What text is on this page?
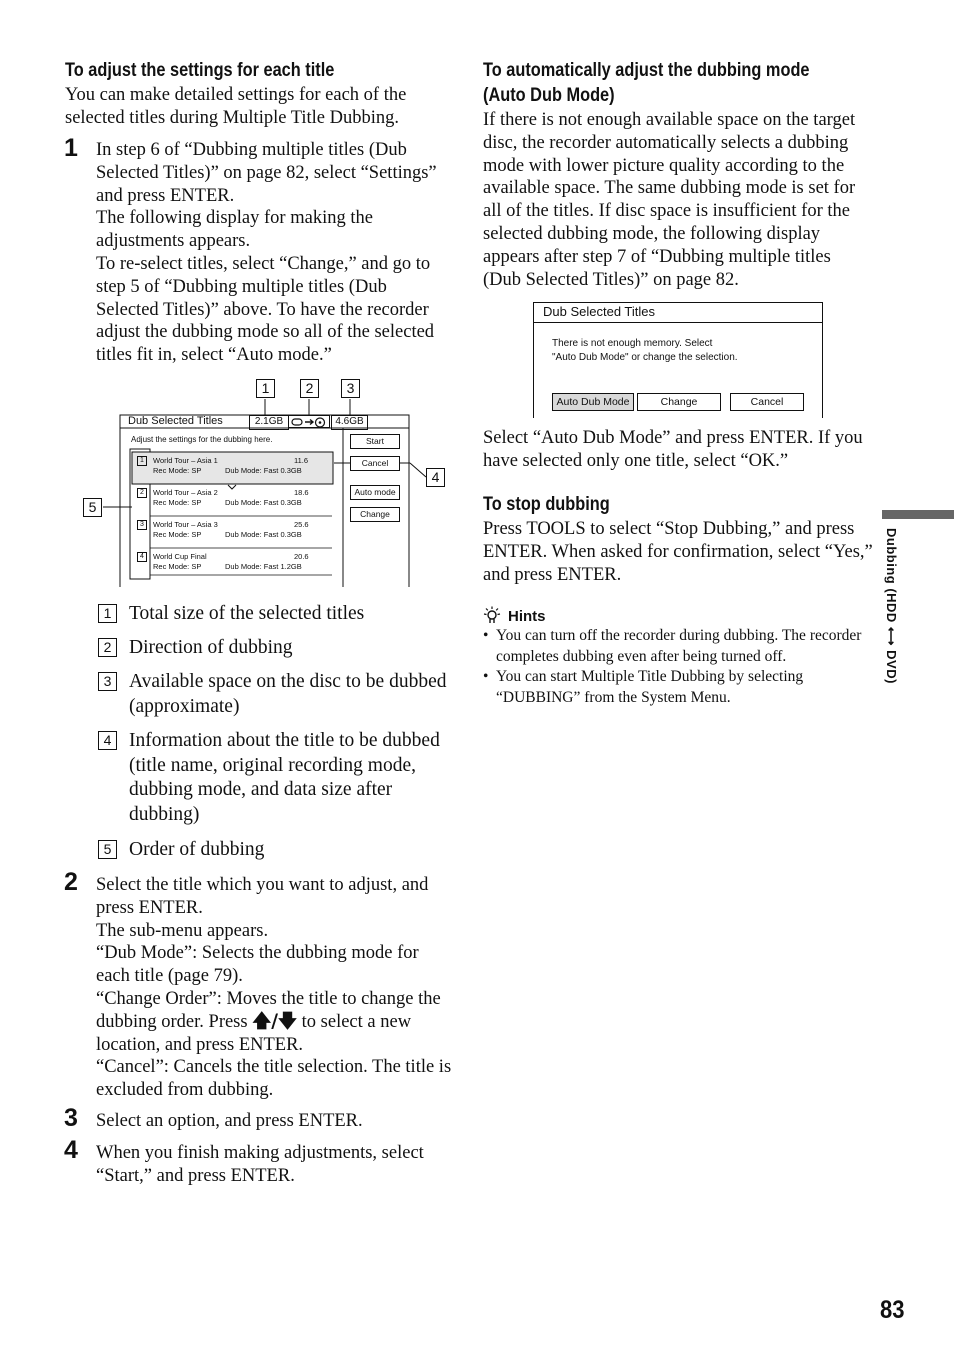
To adjust the settings for each title
You can make detailed settings for each of the selected titles during Multiple Title Dubbing.
1 In step 6 of “Dubbing multiple titles (Dub Selected Titles)” on page 82, select “Settings” and press ENTER.
The following display for making the adjustments appears.
To re-select titles, select “Change,” and go to step 5 of “Dubbing multiple titles (Dub Selected Titles)” above. To have the recorder adjust the dubbing mode so all of the selected titles fit in, select “Auto mode.”
1	2	3
4
5
Dub Selected Titles	2.1GB	4.6GB
Adjust the settings for the dubbing here.	Start
Cancel
Auto mode
Change
1	World Tour – Asia 1	11.6
Rec Mode: SP	Dub Mode: Fast 0.3GB
2	World Tour – Asia 2	18.6
Rec Mode: SP	Dub Mode: Fast 0.3GB
3	World Tour – Asia 3	25.6
Rec Mode: SP	Dub Mode: Fast 0.3GB
4	World Cup Final	20.6
Rec Mode: SP	Dub Mode: Fast 1.2GB
1 Total size of the selected titles
2 Direction of dubbing
3 Available space on the disc to be dubbed (approximate)
4 Information about the title to be dubbed (title name, original recording mode, dubbing mode, and data size after dubbing)
5 Order of dubbing
2 Select the title which you want to adjust, and press ENTER.
The sub-menu appears.
“Dub Mode”: Selects the dubbing mode for each title (page 79).
“Change Order”: Moves the title to change the dubbing order. Press 🡅/🡇 to select a new location, and press ENTER.
“Cancel”: Cancels the title selection. The title is excluded from dubbing.
3 Select an option, and press ENTER.
4 When you finish making adjustments, select “Start,” and press ENTER.
To automatically adjust the dubbing mode
(Auto Dub Mode)
If there is not enough available space on the target disc, the recorder automatically selects a dubbing mode with lower picture quality according to the available space. The same dubbing mode is set for all of the titles. If disc space is insufficient for the selected dubbing mode, the following display appears after step 7 of “Dubbing multiple titles (Dub Selected Titles)” on page 82.
Dub Selected Titles
There is not enough memory. Select
"Auto Dub Mode" or change the selection.
Auto Dub Mode	Change	Cancel
Select “Auto Dub Mode” and press ENTER. If you have selected only one title, select “OK.”
To stop dubbing
Press TOOLS to select “Stop Dubbing,” and press ENTER. When asked for confirmation, select “Yes,” and press ENTER.
Hints
• You can turn off the recorder during dubbing. The recorder completes dubbing even after being turned off.
• You can start Multiple Title Dubbing by selecting “DUBBING” from the System Menu.
Dubbing (HDD ⟷ DVD)
83
